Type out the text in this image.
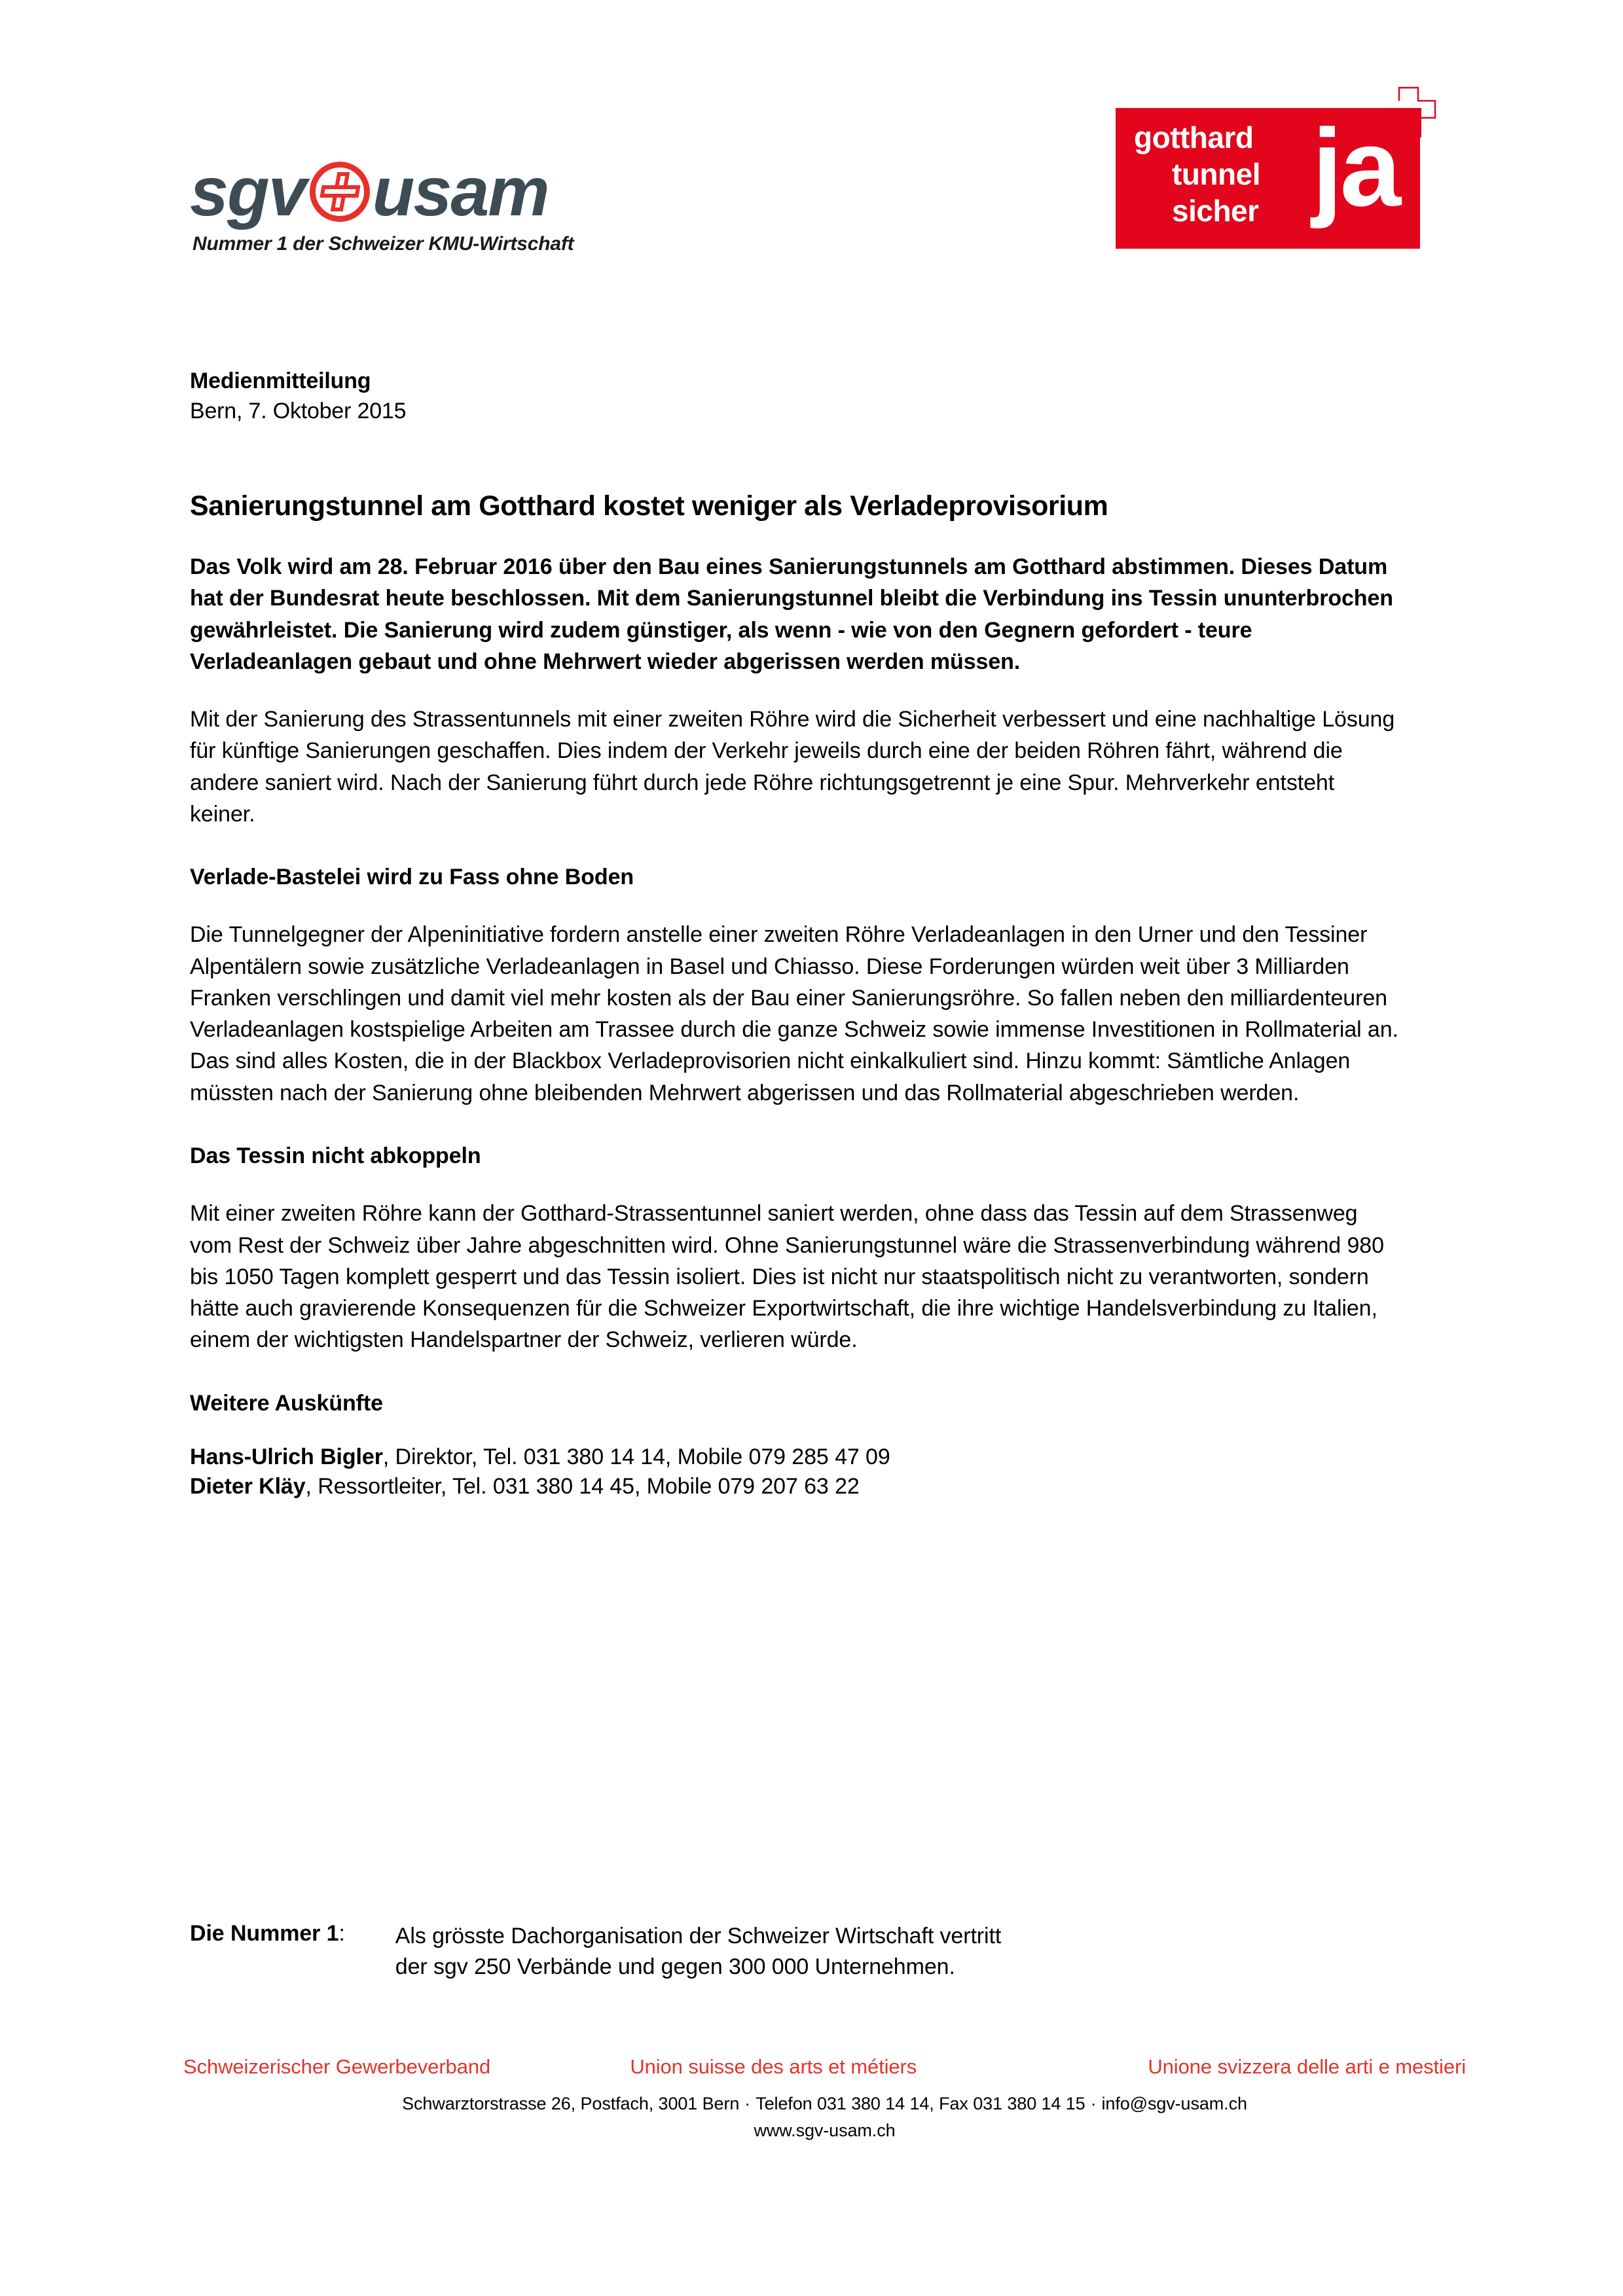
sgv usam
Nummer 1 der Schweizer KMU-Wirtschaft
gotthard
tunnel
sicher ja
Medienmitteilung
Bern, 7. Oktober 2015
Sanierungstunnel am Gotthard kostet weniger als Verladeprovisorium

Das Volk wird am 28. Februar 2016 über den Bau eines Sanierungstunnels am Gotthard abstimmen. Dieses Datum hat der Bundesrat heute beschlossen. Mit dem Sanierungstunnel bleibt die Verbindung ins Tessin ununterbrochen gewährleistet. Die Sanierung wird zudem günstiger, als wenn - wie von den Gegnern gefordert - teure Verladeanlagen gebaut und ohne Mehrwert wieder abgerissen werden müssen.

Mit der Sanierung des Strassentunnels mit einer zweiten Röhre wird die Sicherheit verbessert und eine nachhaltige Lösung für künftige Sanierungen geschaffen. Dies indem der Verkehr jeweils durch eine der beiden Röhren fährt, während die andere saniert wird. Nach der Sanierung führt durch jede Röhre richtungsgetrennt je eine Spur. Mehrverkehr entsteht keiner.

Verlade-Bastelei wird zu Fass ohne Boden

Die Tunnelgegner der Alpeninitiative fordern anstelle einer zweiten Röhre Verladeanlagen in den Urner und den Tessiner Alpentälern sowie zusätzliche Verladeanlagen in Basel und Chiasso. Diese Forderungen würden weit über 3 Milliarden Franken verschlingen und damit viel mehr kosten als der Bau einer Sanierungsröhre. So fallen neben den milliardenteuren Verladeanlagen kostspielige Arbeiten am Trassee durch die ganze Schweiz sowie immense Investitionen in Rollmaterial an. Das sind alles Kosten, die in der Blackbox Verladeprovisorien nicht einkalkuliert sind. Hinzu kommt: Sämtliche Anlagen müssten nach der Sanierung ohne bleibenden Mehrwert abgerissen und das Rollmaterial abgeschrieben werden.

Das Tessin nicht abkoppeln

Mit einer zweiten Röhre kann der Gotthard-Strassentunnel saniert werden, ohne dass das Tessin auf dem Strassenweg vom Rest der Schweiz über Jahre abgeschnitten wird. Ohne Sanierungstunnel wäre die Strassenverbindung während 980 bis 1050 Tagen komplett gesperrt und das Tessin isoliert. Dies ist nicht nur staatspolitisch nicht zu verantworten, sondern hätte auch gravierende Konsequenzen für die Schweizer Exportwirtschaft, die ihre wichtige Handelsverbindung zu Italien, einem der wichtigsten Handelspartner der Schweiz, verlieren würde.

Weitere Auskünfte
Hans-Ulrich Bigler, Direktor, Tel. 031 380 14 14, Mobile 079 285 47 09
Dieter Kläy, Ressortleiter, Tel. 031 380 14 45, Mobile 079 207 63 22
Die Nummer 1: Als grösste Dachorganisation der Schweizer Wirtschaft vertritt
der sgv 250 Verbände und gegen 300 000 Unternehmen.
Schweizerischer Gewerbeverband	Union suisse des arts et métiers	Unione svizzera delle arti e mestieri
Schwarztorstrasse 26, Postfach, 3001 Bern · Telefon 031 380 14 14, Fax 031 380 14 15 · info@sgv-usam.ch
www.sgv-usam.ch
